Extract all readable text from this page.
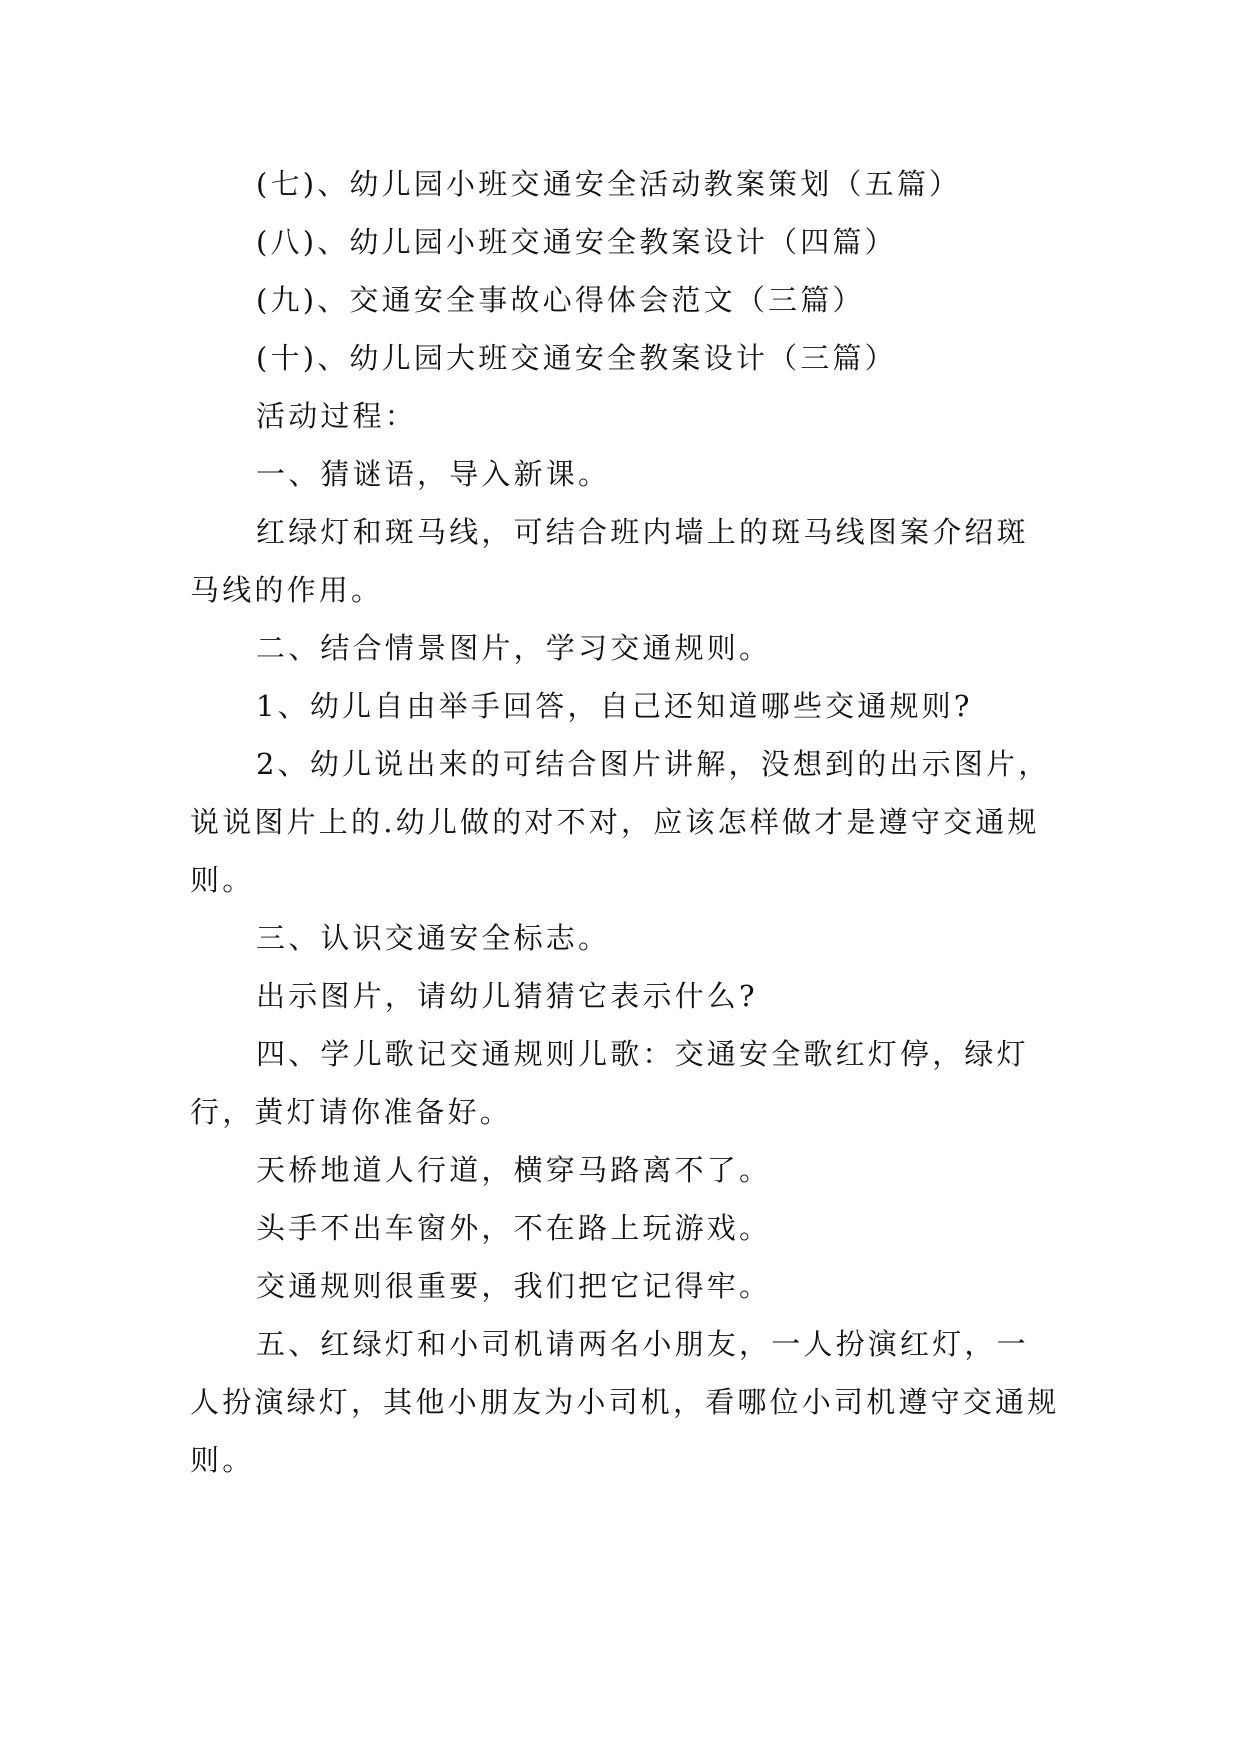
(七)、幼儿园小班交通安全活动教案策划（五篇）

(八)、幼儿园小班交通安全教案设计（四篇）

(九)、交通安全事故心得体会范文（三篇）

(十)、幼儿园大班交通安全教案设计（三篇）

活动过程：

一、猜谜语，导入新课。

红绿灯和斑马线，可结合班内墙上的斑马线图案介绍斑马线的作用。

二、结合情景图片，学习交通规则。

1、幼儿自由举手回答，自己还知道哪些交通规则?

2、幼儿说出来的可结合图片讲解，没想到的出示图片，说说图片上的.幼儿做的对不对，应该怎样做才是遵守交通规则。

三、认识交通安全标志。

出示图片，请幼儿猜猜它表示什么?

四、学儿歌记交通规则儿歌：交通安全歌红灯停，绿灯行，黄灯请你准备好。

天桥地道人行道，横穿马路离不了。

头手不出车窗外，不在路上玩游戏。

交通规则很重要，我们把它记得牢。

五、红绿灯和小司机请两名小朋友，一人扮演红灯，一人扮演绿灯，其他小朋友为小司机，看哪位小司机遵守交通规则。
